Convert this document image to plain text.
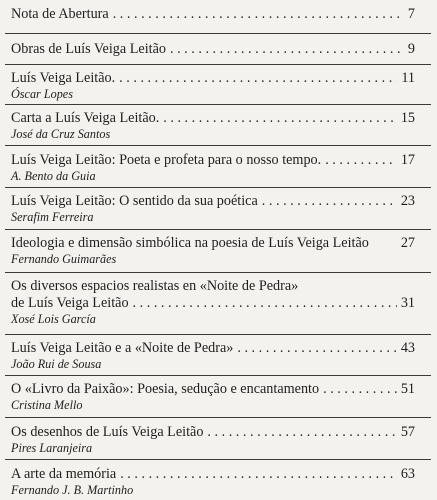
Nota de Abertura . . .	7
Obras de Luís Veiga Leitão . . .	9
Luís Veiga Leitão. . . .	11
Óscar Lopes
Carta a Luís Veiga Leitão. . . .	15
José da Cruz Santos
Luís Veiga Leitão: Poeta e profeta para o nosso tempo. . . .	17
A. Bento da Guia
Luís Veiga Leitão: O sentido da sua poética . . .	23
Serafim Ferreira
Ideologia e dimensão simbólica na poesia de Luís Veiga Leitão 27
Fernando Guimarães
Os diversos espacios realistas en «Noite de Pedra»
de Luís Veiga Leitão . . .	31
Xosé Lois García
Luís Veiga Leitão e a «Noite de Pedra» . . .	43
João Rui de Sousa
O «Livro da Paixão»: Poesia, sedução e encantamento . . .	51
Cristina Mello
Os desenhos de Luís Veiga Leitão . . .	57
Pires Laranjeira
A arte da memória . . .	63
Fernando J. B. Martinho
